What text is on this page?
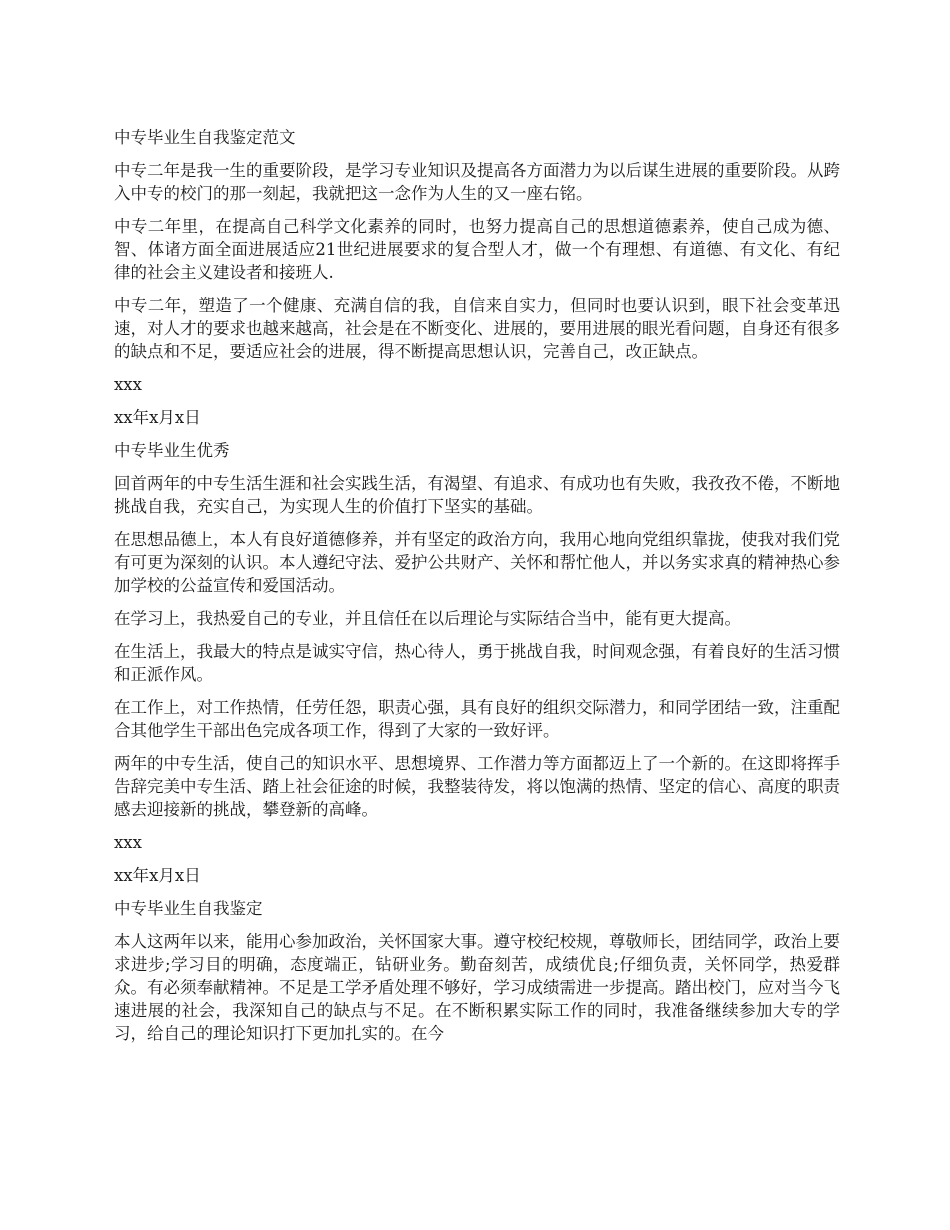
中专毕业生自我鉴定范文

中专二年是我一生的重要阶段，是学习专业知识及提高各方面潜力为以后谋生进展的重要阶段。从跨入中专的校门的那一刻起，我就把这一念作为人生的又一座右铭。

中专二年里，在提高自己科学文化素养的同时，也努力提高自己的思想道德素养，使自己成为德、智、体诸方面全面进展适应21世纪进展要求的复合型人才，做一个有理想、有道德、有文化、有纪律的社会主义建设者和接班人.

中专二年，塑造了一个健康、充满自信的我，自信来自实力，但同时也要认识到，眼下社会变革迅速，对人才的要求也越来越高，社会是在不断变化、进展的，要用进展的眼光看问题，自身还有很多的缺点和不足，要适应社会的进展，得不断提高思想认识，完善自己，改正缺点。

xxx

xx年x月x日

中专毕业生优秀

回首两年的中专生活生涯和社会实践生活，有渴望、有追求、有成功也有失败，我孜孜不倦，不断地挑战自我，充实自己，为实现人生的价值打下坚实的基础。

在思想品德上，本人有良好道德修养，并有坚定的政治方向，我用心地向党组织靠拢，使我对我们党有可更为深刻的认识。本人遵纪守法、爱护公共财产、关怀和帮忙他人，并以务实求真的精神热心参加学校的公益宣传和爱国活动。

在学习上，我热爱自己的专业，并且信任在以后理论与实际结合当中，能有更大提高。

在生活上，我最大的特点是诚实守信，热心待人，勇于挑战自我，时间观念强，有着良好的生活习惯和正派作风。

在工作上，对工作热情，任劳任怨，职责心强，具有良好的组织交际潜力，和同学团结一致，注重配合其他学生干部出色完成各项工作，得到了大家的一致好评。

两年的中专生活，使自己的知识水平、思想境界、工作潜力等方面都迈上了一个新的。在这即将挥手告辞完美中专生活、踏上社会征途的时候，我整装待发，将以饱满的热情、坚定的信心、高度的职责感去迎接新的挑战，攀登新的高峰。

xxx

xx年x月x日

中专毕业生自我鉴定

本人这两年以来，能用心参加政治，关怀国家大事。遵守校纪校规，尊敬师长，团结同学，政治上要求进步;学习目的明确，态度端正，钻研业务。勤奋刻苦，成绩优良;仔细负责，关怀同学，热爱群众。有必须奉献精神。不足是工学矛盾处理不够好，学习成绩需进一步提高。踏出校门，应对当今飞速进展的社会，我深知自己的缺点与不足。在不断积累实际工作的同时，我准备继续参加大专的学习，给自己的理论知识打下更加扎实的。在今
